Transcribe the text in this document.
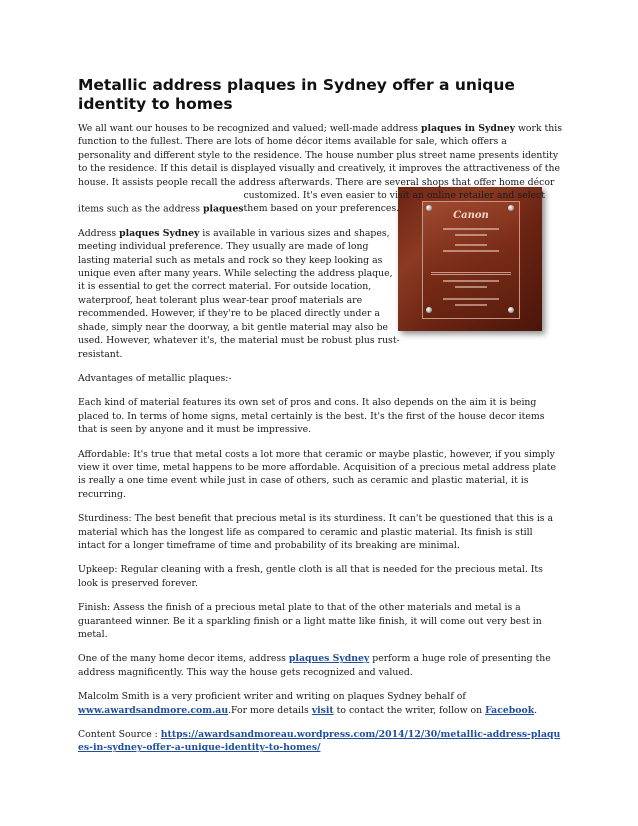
Canon
Metallic address plaques in Sydney offer a unique identity to homes

We all want our houses to be recognized and valued; well-made address plaques in Sydney work this function to the fullest. There are lots of home décor items available for sale, which offers a personality and different style to the residence. The house number plus street name presents identity to the residence. If this detail is displayed visually and creatively, it improves the attractiveness of the house. It assists people recall the address afterwards. There are several shops that offer home décor items such as the address plaquescustomized. It's even easier to visit an online retailer and select them based on your preferences.

Address plaques Sydney is available in various sizes and shapes, meeting individual preference. They usually are made of long lasting material such as metals and rock so they keep looking as unique even after many years. While selecting the address plaque, it is essential to get the correct material. For outside location, waterproof, heat tolerant plus wear-tear proof materials are recommended. However, if they're to be placed directly under a shade, simply near the doorway, a bit gentle material may also be used. However, whatever it's, the material must be robust plus rust-resistant.

Advantages of metallic plaques:-

Each kind of material features its own set of pros and cons. It also depends on the aim it is being placed to. In terms of home signs, metal certainly is the best. It's the first of the house decor items that is seen by anyone and it must be impressive.

Affordable: It's true that metal costs a lot more that ceramic or maybe plastic, however, if you simply view it over time, metal happens to be more affordable. Acquisition of a precious metal address plate is really a one time event while just in case of others, such as ceramic and plastic material, it is recurring.

Sturdiness: The best benefit that precious metal is its sturdiness. It can't be questioned that this is a material which has the longest life as compared to ceramic and plastic material. Its finish is still intact for a longer timeframe of time and probability of its breaking are minimal.

Upkeep: Regular cleaning with a fresh, gentle cloth is all that is needed for the precious metal. Its look is preserved forever.

Finish: Assess the finish of a precious metal plate to that of the other materials and metal is a guaranteed winner. Be it a sparkling finish or a light matte like finish, it will come out very best in metal.

One of the many home decor items, address plaques Sydney perform a huge role of presenting the address magnificently. This way the house gets recognized and valued.

Malcolm Smith is a very proficient writer and writing on plaques Sydney behalf of www.awardsandmore.com.au.For more details visit to contact the writer, follow on Facebook.

Content Source : https://awardsandmoreau.wordpress.com/2014/12/30/metallic-address-plaques-in-sydney-offer-a-unique-identity-to-homes/
